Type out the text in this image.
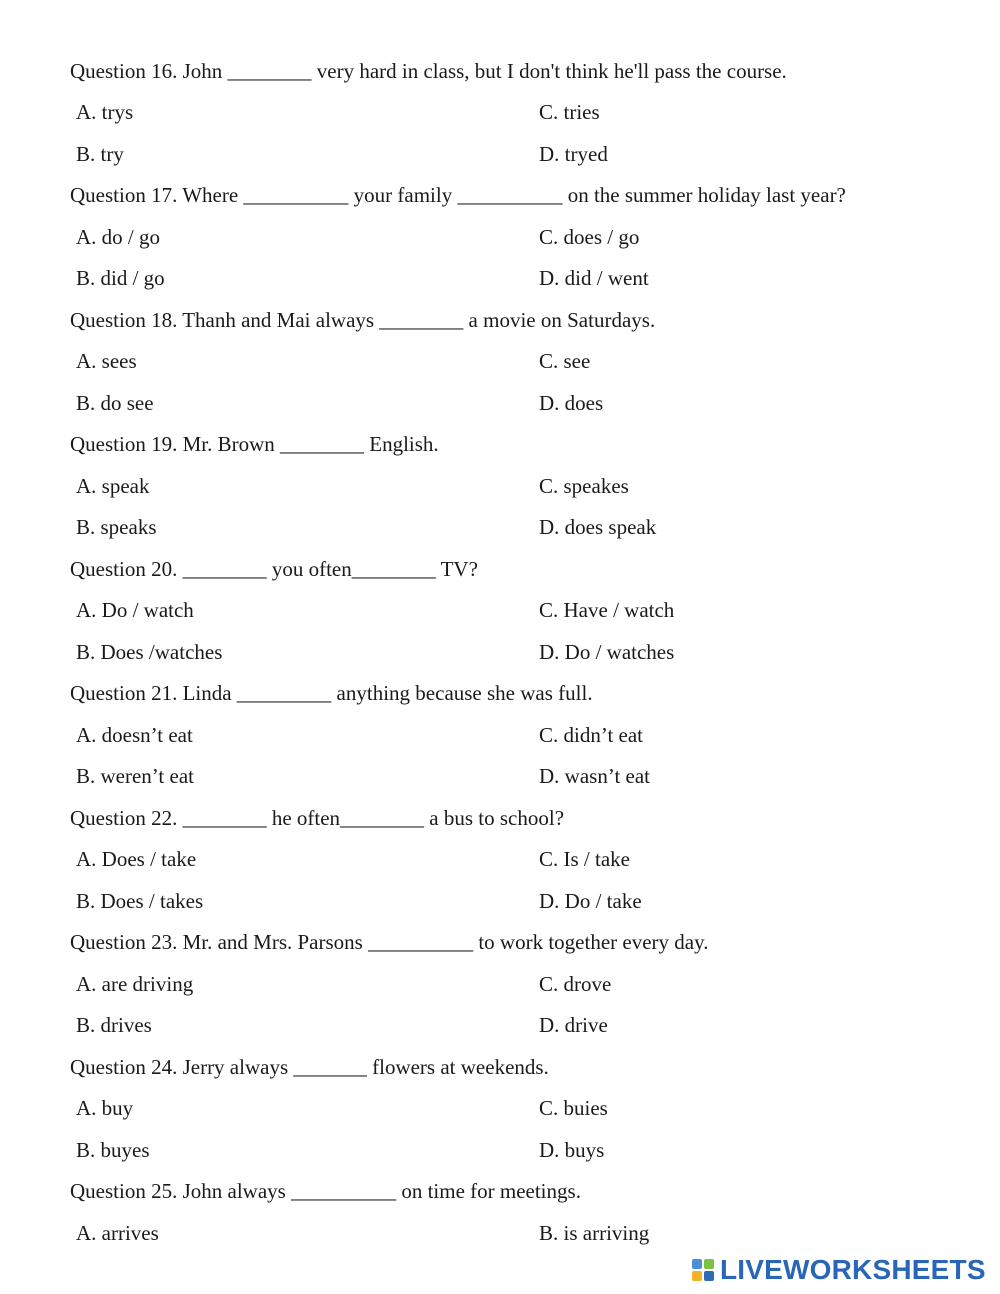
Question 16. John ________ very hard in class, but I don't think he'll pass the course.
A. trys	C. tries
B. try	D. tryed
Question 17. Where __________ your family __________ on the summer holiday last year?
A. do / go	C. does / go
B. did / go	D. did / went
Question 18. Thanh and Mai always ________ a movie on Saturdays.
A. sees	C. see
B. do see	D. does
Question 19. Mr. Brown ________ English.
A. speak	C. speakes
B. speaks	D. does speak
Question 20. ________ you often________ TV?
A. Do / watch	C. Have / watch
B. Does /watches	D. Do / watches
Question 21. Linda _________ anything because she was full.
A. doesn’t eat	C. didn’t eat
B. weren’t eat	D. wasn’t eat
Question 22. ________ he often________ a bus to school?
A. Does / take	C. Is / take
B. Does / takes	D. Do / take
Question 23. Mr. and Mrs. Parsons __________ to work together every day.
A. are driving	C. drove
B. drives	D. drive
Question 24. Jerry always _______ flowers at weekends.
A. buy	C. buies
B. buyes	D. buys
Question 25. John always __________ on time for meetings.
A. arrives	B. is arriving
LIVEWORKSHEETS
